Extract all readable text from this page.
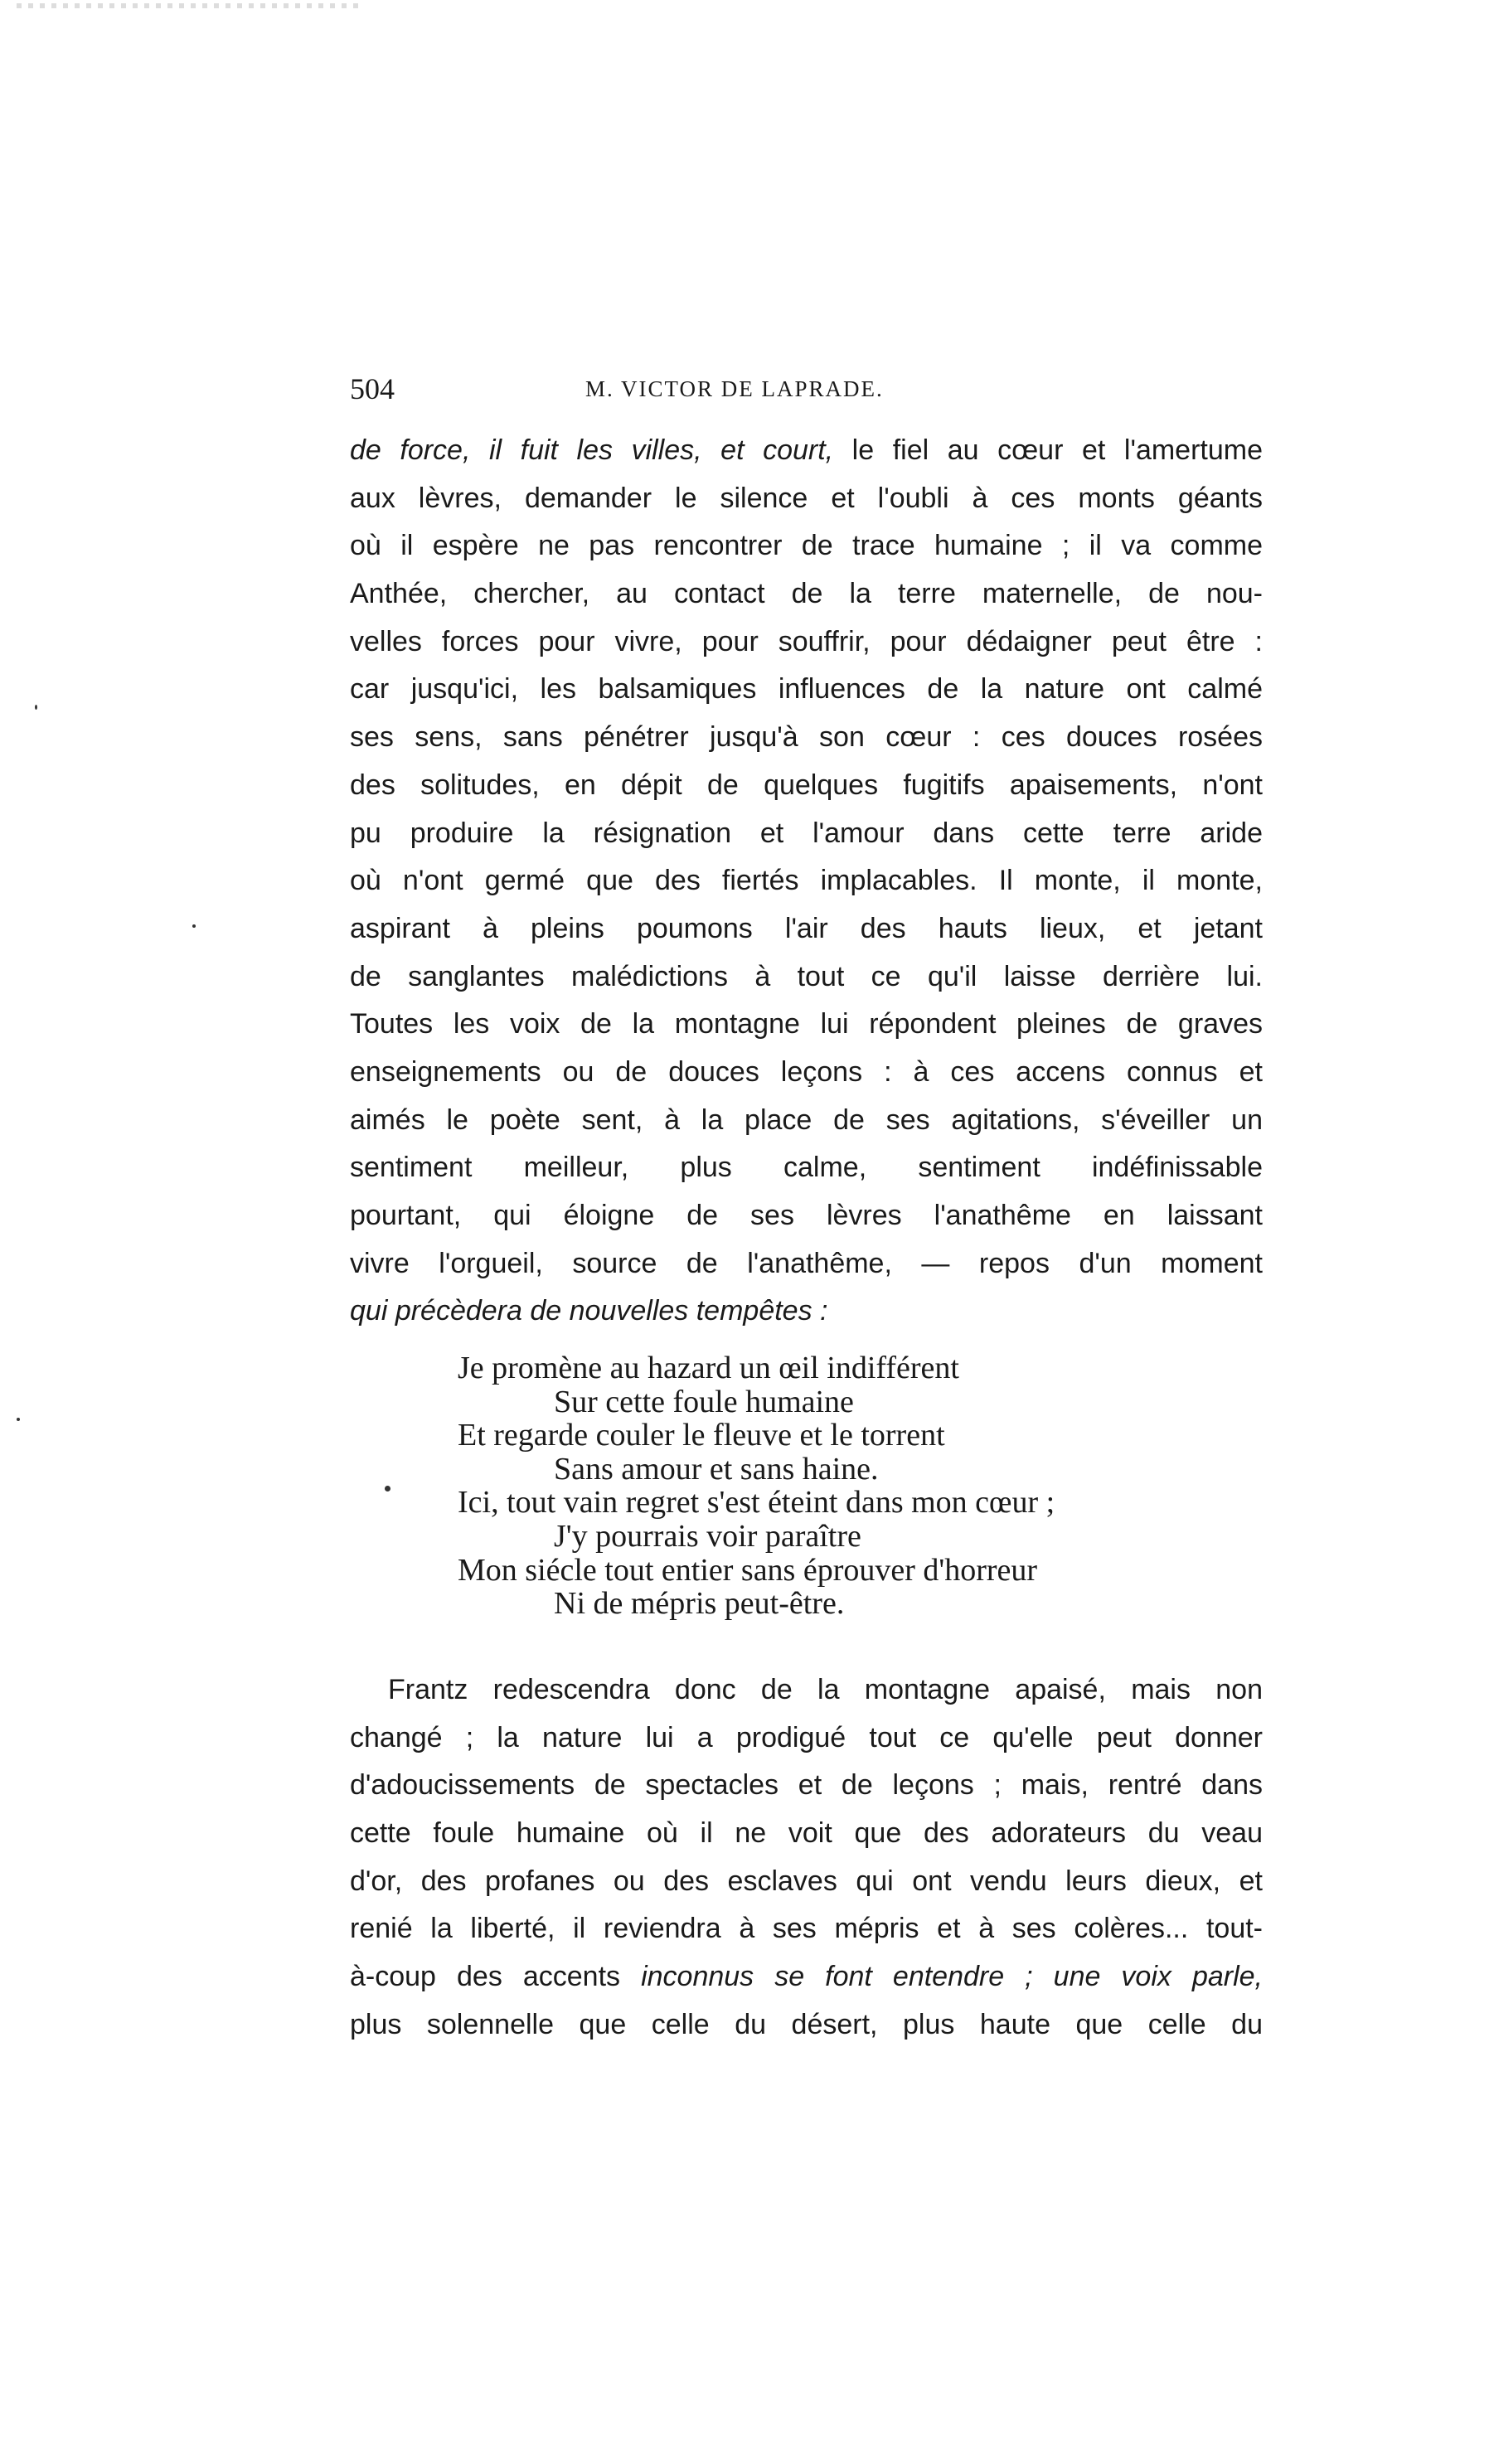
504	M. VICTOR DE LAPRADE.
de force, il fuit les villes, et court, le fiel au cœur et l'amertume
aux lèvres, demander le silence et l'oubli à ces monts géants
où il espère ne pas rencontrer de trace humaine ; il va comme
Anthée, chercher, au contact de la terre maternelle, de nou-
velles forces pour vivre, pour souffrir, pour dédaigner peut être :
car jusqu'ici, les balsamiques influences de la nature ont calmé
ses sens, sans pénétrer jusqu'à son cœur : ces douces rosées
des solitudes, en dépit de quelques fugitifs apaisements, n'ont
pu produire la résignation et l'amour dans cette terre aride
où n'ont germé que des fiertés implacables. Il monte, il monte,
aspirant à pleins poumons l'air des hauts lieux, et jetant
de sanglantes malédictions à tout ce qu'il laisse derrière lui.
Toutes les voix de la montagne lui répondent pleines de graves
enseignements ou de douces leçons : à ces accens connus et
aimés le poète sent, à la place de ses agitations, s'éveiller un
sentiment meilleur, plus calme, sentiment indéfinissable
pourtant, qui éloigne de ses lèvres l'anathême en laissant
vivre l'orgueil, source de l'anathême, — repos d'un moment
qui précèdera de nouvelles tempêtes :
Je promène au hazard un œil indifférent
Sur cette foule humaine
Et regarde couler le fleuve et le torrent
Sans amour et sans haine.
Ici, tout vain regret s'est éteint dans mon cœur ;
J'y pourrais voir paraître
Mon siécle tout entier sans éprouver d'horreur
Ni de mépris peut-être.
Frantz redescendra donc de la montagne apaisé, mais non
changé ; la nature lui a prodigué tout ce qu'elle peut donner
d'adoucissements de spectacles et de leçons ; mais, rentré dans
cette foule humaine où il ne voit que des adorateurs du veau
d'or, des profanes ou des esclaves qui ont vendu leurs dieux, et
renié la liberté, il reviendra à ses mépris et à ses colères... tout-
à-coup des accents inconnus se font entendre ; une voix parle,
plus solennelle que celle du désert, plus haute que celle du
